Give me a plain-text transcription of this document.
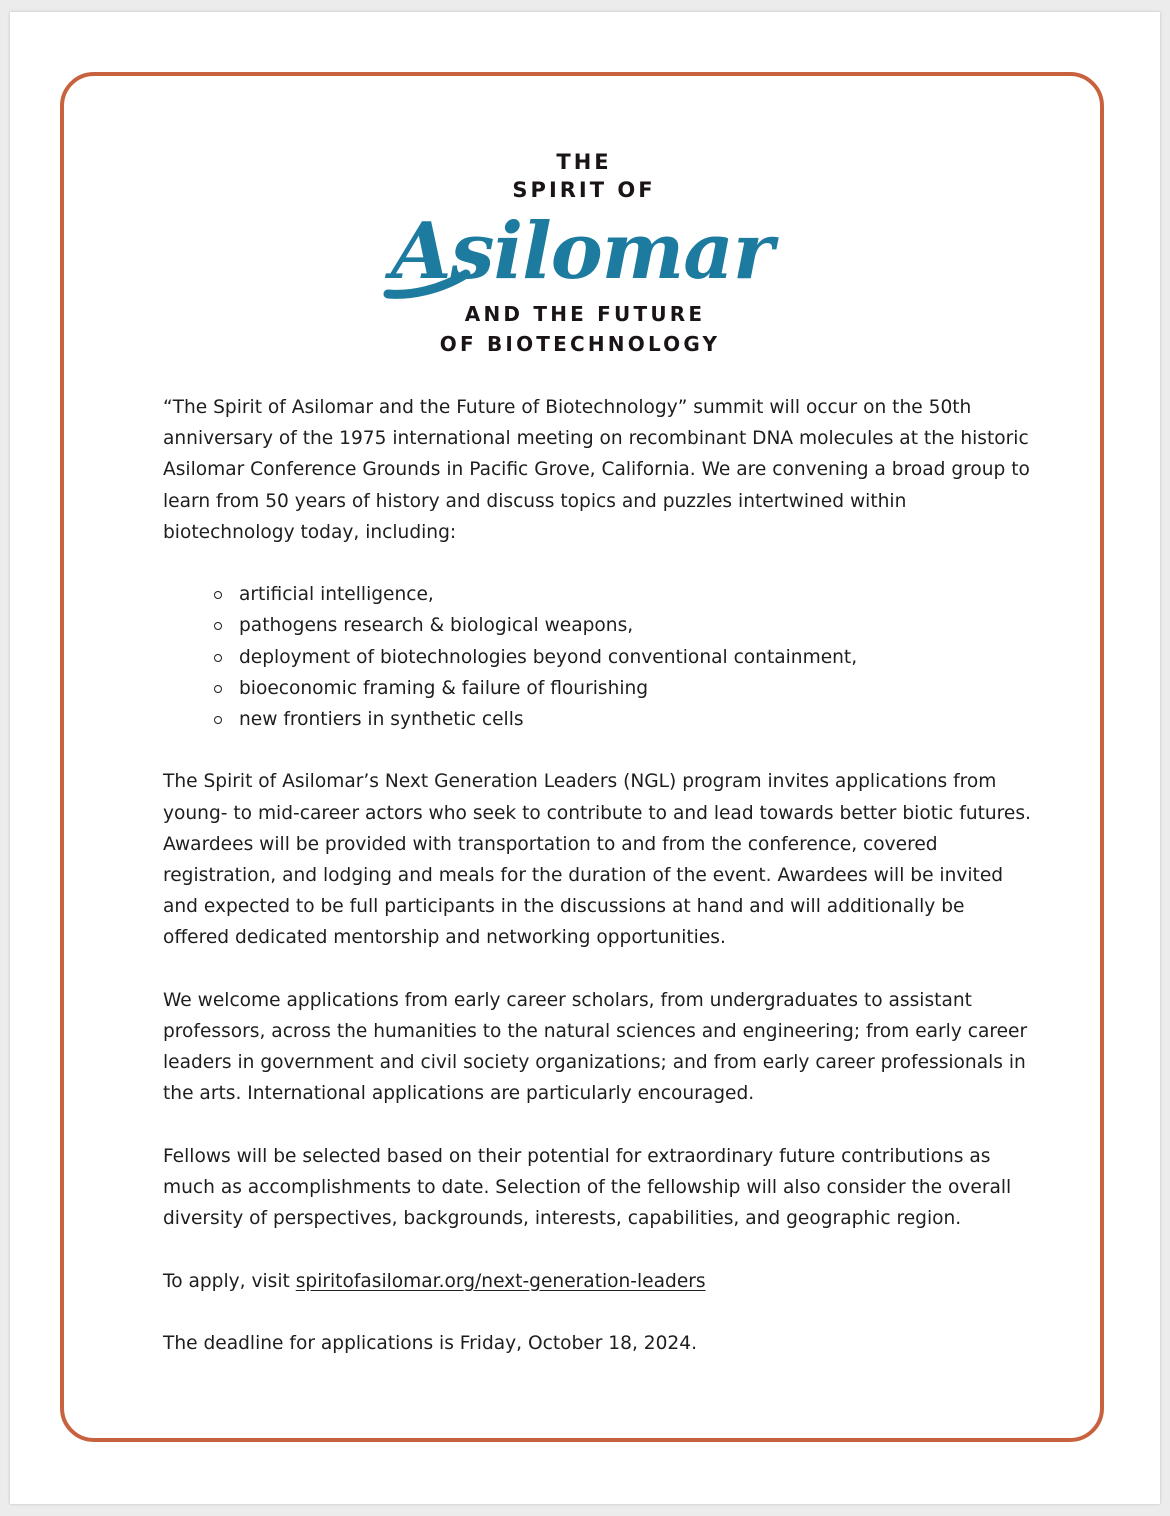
THE
SPIRIT OF
Asilomar
AND THE FUTURE
OF BIOTECHNOLOGY

“The Spirit of Asilomar and the Future of Biotechnology” summit will occur on the 50th anniversary of the 1975 international meeting on recombinant DNA molecules at the historic Asilomar Conference Grounds in Pacific Grove, California. We are convening a broad group to learn from 50 years of history and discuss topics and puzzles intertwined within biotechnology today, including:

artificial intelligence,
pathogens research & biological weapons,
deployment of biotechnologies beyond conventional containment,
bioeconomic framing & failure of flourishing
new frontiers in synthetic cells

The Spirit of Asilomar’s Next Generation Leaders (NGL) program invites applications from young- to mid-career actors who seek to contribute to and lead towards better biotic futures. Awardees will be provided with transportation to and from the conference, covered registration, and lodging and meals for the duration of the event. Awardees will be invited and expected to be full participants in the discussions at hand and will additionally be offered dedicated mentorship and networking opportunities.

We welcome applications from early career scholars, from undergraduates to assistant professors, across the humanities to the natural sciences and engineering; from early career leaders in government and civil society organizations; and from early career professionals in the arts. International applications are particularly encouraged.

Fellows will be selected based on their potential for extraordinary future contributions as much as accomplishments to date. Selection of the fellowship will also consider the overall diversity of perspectives, backgrounds, interests, capabilities, and geographic region.

To apply, visit spiritofasilomar.org/next-generation-leaders

The deadline for applications is Friday, October 18, 2024.
